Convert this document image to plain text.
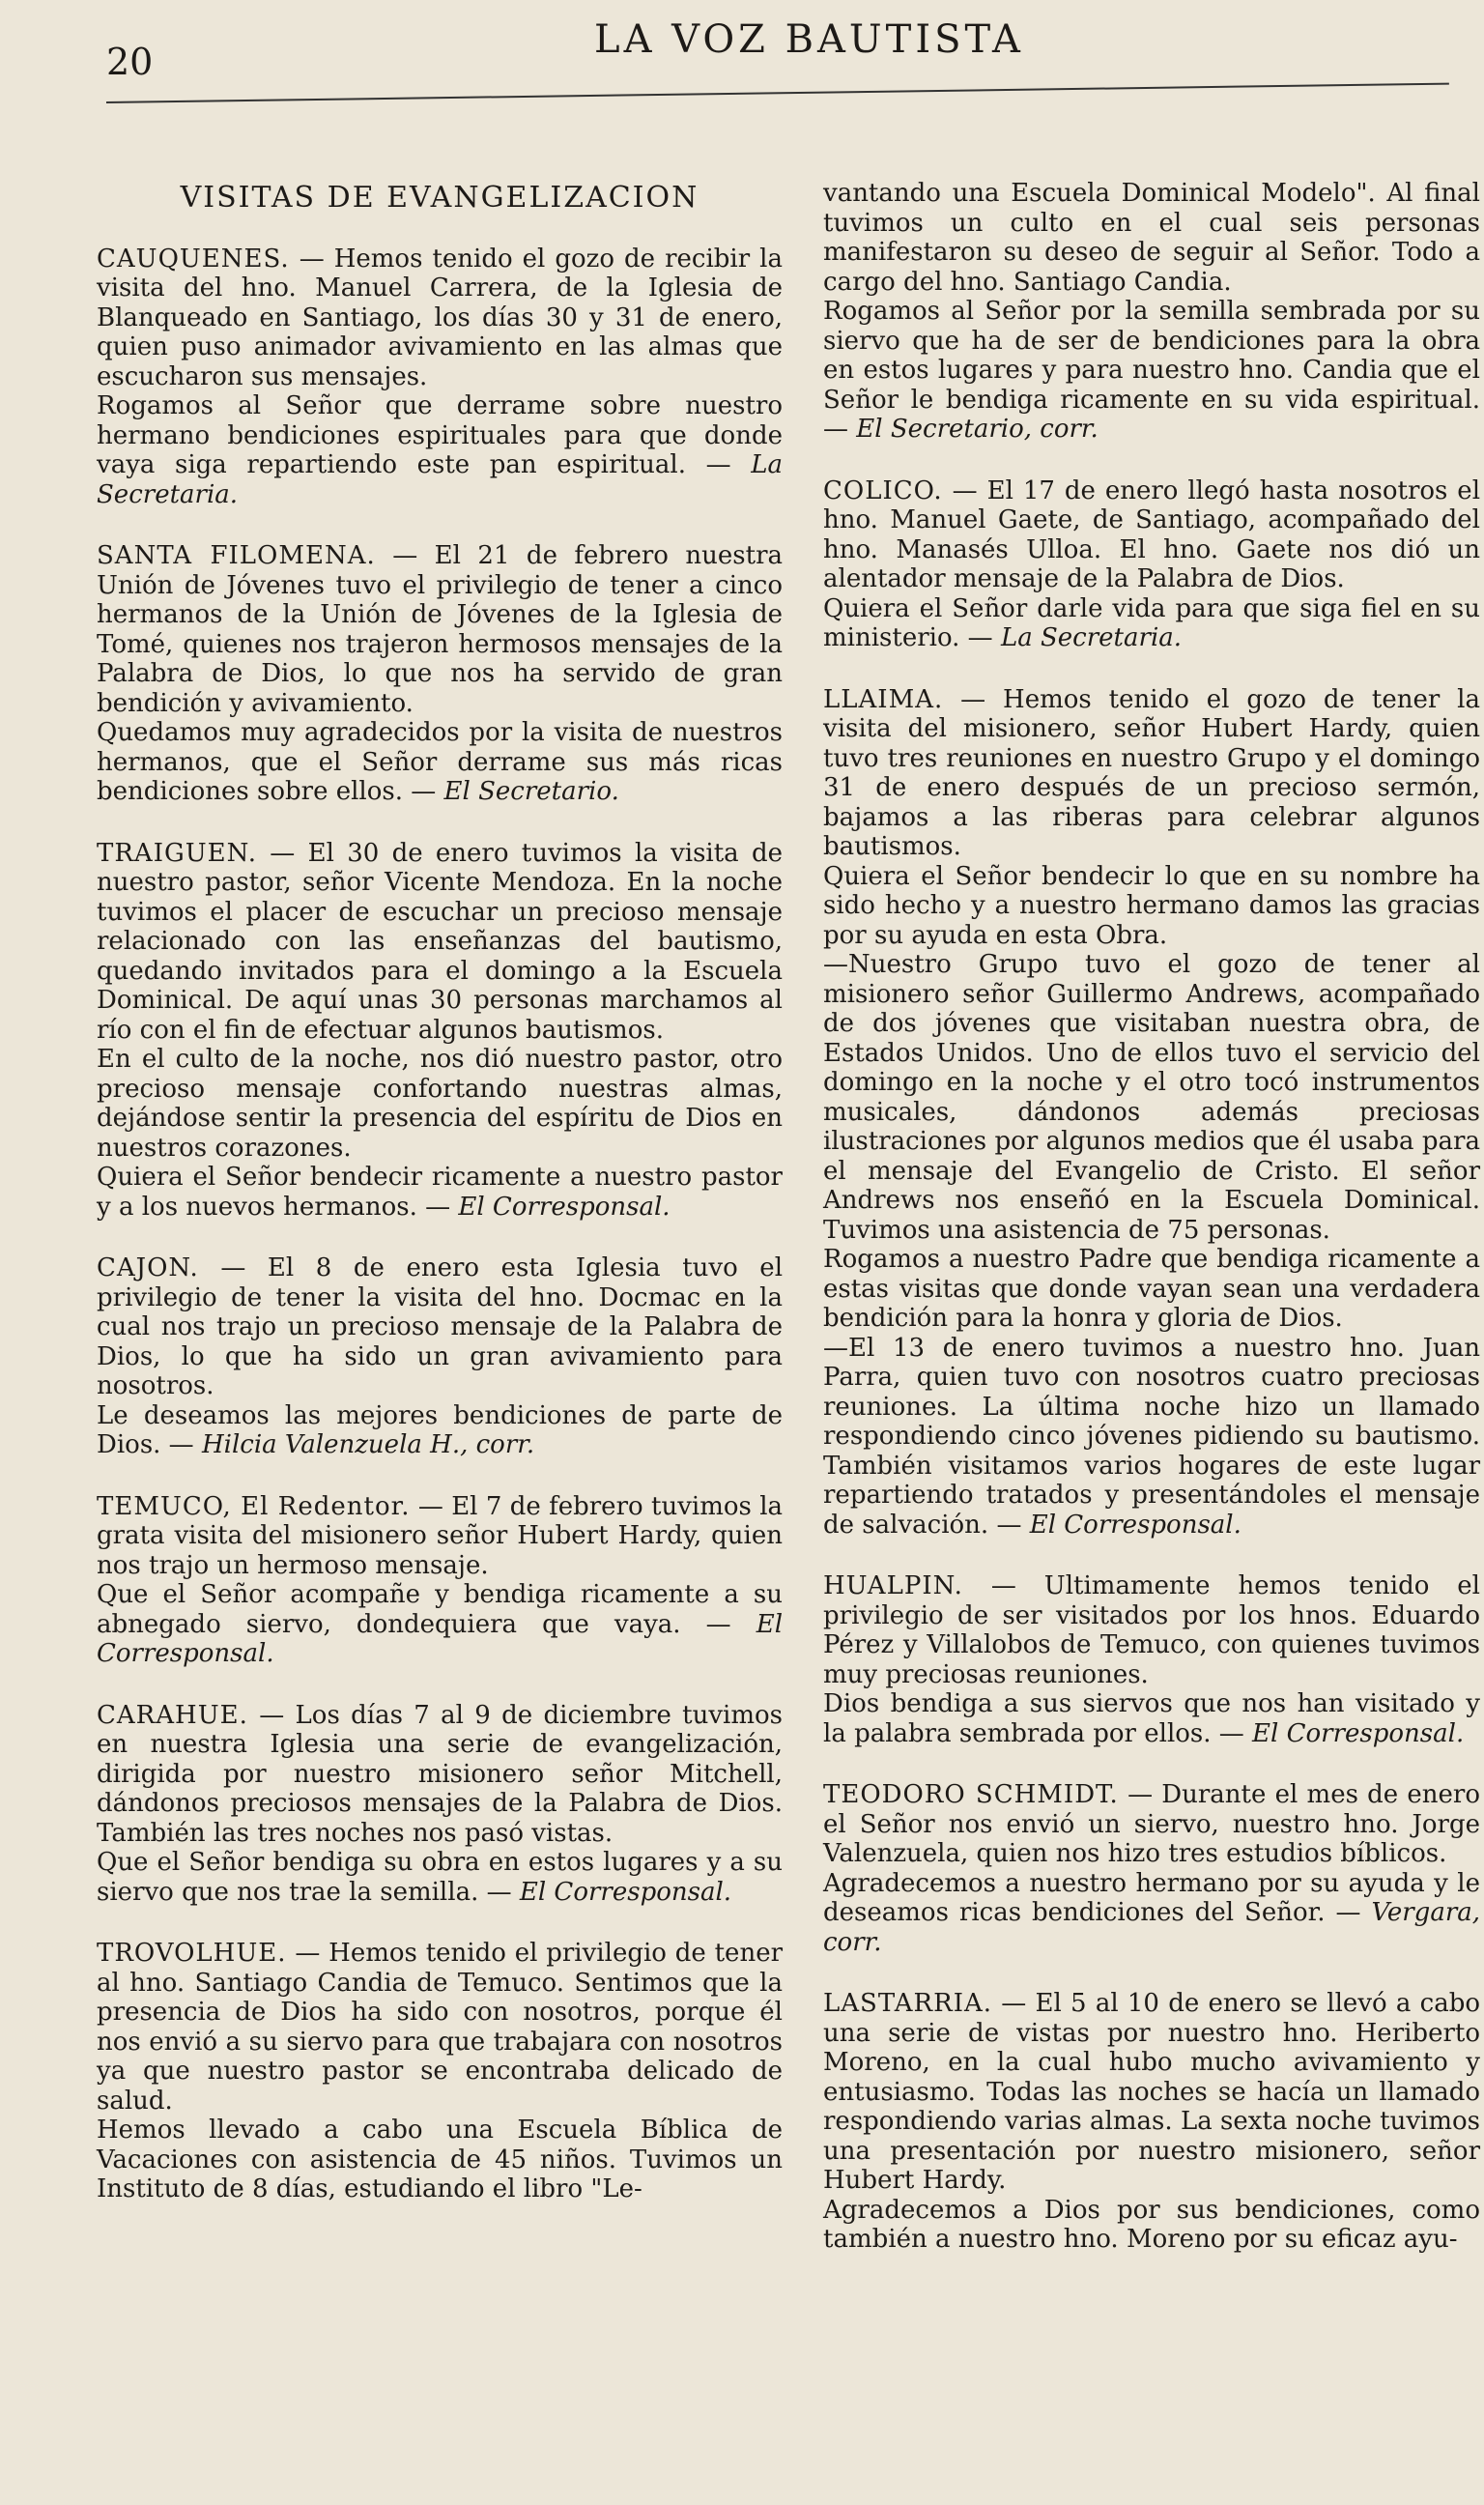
20	LA VOZ BAUTISTA
VISITAS DE EVANGELIZACION

CAUQUENES. — Hemos tenido el gozo de recibir la visita del hno. Manuel Carrera, de la Iglesia de Blanqueado en Santiago, los días 30 y 31 de enero, quien puso animador avivamiento en las almas que escucharon sus mensajes.

Rogamos al Señor que derrame sobre nuestro hermano bendiciones espirituales para que donde vaya siga repartiendo este pan espiritual. — La Secretaria.

SANTA FILOMENA. — El 21 de febrero nuestra Unión de Jóvenes tuvo el privilegio de tener a cinco hermanos de la Unión de Jóvenes de la Iglesia de Tomé, quienes nos trajeron hermosos mensajes de la Palabra de Dios, lo que nos ha servido de gran bendición y avivamiento.

Quedamos muy agradecidos por la visita de nuestros hermanos, que el Señor derrame sus más ricas bendiciones sobre ellos. — El Secretario.

TRAIGUEN. — El 30 de enero tuvimos la visita de nuestro pastor, señor Vicente Mendoza. En la noche tuvimos el placer de escuchar un precioso mensaje relacionado con las enseñanzas del bautismo, quedando invitados para el domingo a la Escuela Dominical. De aquí unas 30 personas marchamos al río con el fin de efectuar algunos bautismos.

En el culto de la noche, nos dió nuestro pastor, otro precioso mensaje confortando nuestras almas, dejándose sentir la presencia del espíritu de Dios en nuestros corazones.

Quiera el Señor bendecir ricamente a nuestro pastor y a los nuevos hermanos. — El Corresponsal.

CAJON. — El 8 de enero esta Iglesia tuvo el privilegio de tener la visita del hno. Docmac en la cual nos trajo un precioso mensaje de la Palabra de Dios, lo que ha sido un gran avivamiento para nosotros.

Le deseamos las mejores bendiciones de parte de Dios. — Hilcia Valenzuela H., corr.

TEMUCO, El Redentor. — El 7 de febrero tuvimos la grata visita del misionero señor Hubert Hardy, quien nos trajo un hermoso mensaje.

Que el Señor acompañe y bendiga ricamente a su abnegado siervo, dondequiera que vaya. — El Corresponsal.

CARAHUE. — Los días 7 al 9 de diciembre tuvimos en nuestra Iglesia una serie de evangelización, dirigida por nuestro misionero señor Mitchell, dándonos preciosos mensajes de la Palabra de Dios. También las tres noches nos pasó vistas.

Que el Señor bendiga su obra en estos lugares y a su siervo que nos trae la semilla. — El Corresponsal.

TROVOLHUE. — Hemos tenido el privilegio de tener al hno. Santiago Candia de Temuco. Sentimos que la presencia de Dios ha sido con nosotros, porque él nos envió a su siervo para que trabajara con nosotros ya que nuestro pastor se encontraba delicado de salud.

Hemos llevado a cabo una Escuela Bíblica de Vacaciones con asistencia de 45 niños. Tuvimos un Instituto de 8 días, estudiando el libro "Le-

vantando una Escuela Dominical Modelo". Al final tuvimos un culto en el cual seis personas manifestaron su deseo de seguir al Señor. Todo a cargo del hno. Santiago Candia.

Rogamos al Señor por la semilla sembrada por su siervo que ha de ser de bendiciones para la obra en estos lugares y para nuestro hno. Candia que el Señor le bendiga ricamente en su vida espiritual. — El Secretario, corr.

COLICO. — El 17 de enero llegó hasta nosotros el hno. Manuel Gaete, de Santiago, acompañado del hno. Manasés Ulloa. El hno. Gaete nos dió un alentador mensaje de la Palabra de Dios.

Quiera el Señor darle vida para que siga fiel en su ministerio. — La Secretaria.

LLAIMA. — Hemos tenido el gozo de tener la visita del misionero, señor Hubert Hardy, quien tuvo tres reuniones en nuestro Grupo y el domingo 31 de enero después de un precioso sermón, bajamos a las riberas para celebrar algunos bautismos.

Quiera el Señor bendecir lo que en su nombre ha sido hecho y a nuestro hermano damos las gracias por su ayuda en esta Obra.

—Nuestro Grupo tuvo el gozo de tener al misionero señor Guillermo Andrews, acompañado de dos jóvenes que visitaban nuestra obra, de Estados Unidos. Uno de ellos tuvo el servicio del domingo en la noche y el otro tocó instrumentos musicales, dándonos además preciosas ilustraciones por algunos medios que él usaba para el mensaje del Evangelio de Cristo. El señor Andrews nos enseñó en la Escuela Dominical. Tuvimos una asistencia de 75 personas.

Rogamos a nuestro Padre que bendiga ricamente a estas visitas que donde vayan sean una verdadera bendición para la honra y gloria de Dios.

—El 13 de enero tuvimos a nuestro hno. Juan Parra, quien tuvo con nosotros cuatro preciosas reuniones. La última noche hizo un llamado respondiendo cinco jóvenes pidiendo su bautismo. También visitamos varios hogares de este lugar repartiendo tratados y presentándoles el mensaje de salvación. — El Corresponsal.

HUALPIN. — Ultimamente hemos tenido el privilegio de ser visitados por los hnos. Eduardo Pérez y Villalobos de Temuco, con quienes tuvimos muy preciosas reuniones.

Dios bendiga a sus siervos que nos han visitado y la palabra sembrada por ellos. — El Corresponsal.

TEODORO SCHMIDT. — Durante el mes de enero el Señor nos envió un siervo, nuestro hno. Jorge Valenzuela, quien nos hizo tres estudios bíblicos.

Agradecemos a nuestro hermano por su ayuda y le deseamos ricas bendiciones del Señor. — Vergara, corr.

LASTARRIA. — El 5 al 10 de enero se llevó a cabo una serie de vistas por nuestro hno. Heriberto Moreno, en la cual hubo mucho avivamiento y entusiasmo. Todas las noches se hacía un llamado respondiendo varias almas. La sexta noche tuvimos una presentación por nuestro misionero, señor Hubert Hardy.

Agradecemos a Dios por sus bendiciones, como también a nuestro hno. Moreno por su eficaz ayu-
